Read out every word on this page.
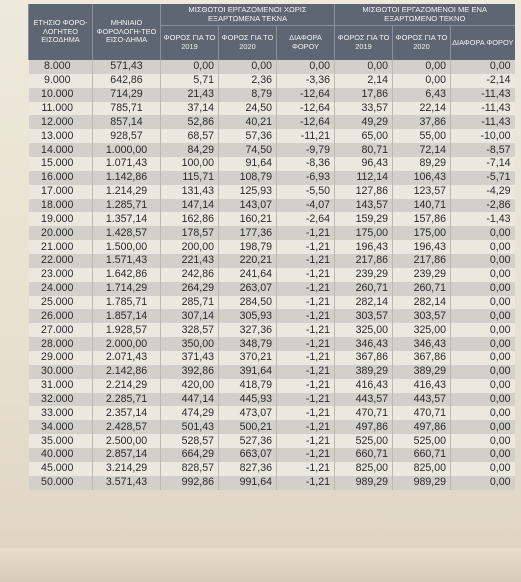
ΕΤΗΣΙΟ ΦΟΡΟ-ΛΟΓΗΤΕΟ ΕΙΣΟΔΗΜΑ	ΜΗΝΙΑΙΟ ΦΟΡΟΛΟΓΗ-ΤΕΟ ΕΙΣΟ-ΔΗΜΑ	ΜΙΣΘΩΤΟΙ ΕΡΓΑΖΟΜΕΝΟΙ ΧΩΡΙΣ ΕΞΑΡΤΩΜΕΝΑ ΤΕΚΝΑ			ΜΙΣΘΩΤΟΙ ΕΡΓΑΖΟΜΕΝΟΙ ΜΕ ΕΝΑ ΕΞΑΡΤΩΜΕΝΟ ΤΕΚΝΟ		
		ΦΟΡΟΣ ΓΙΑ ΤΟ 2019	ΦΟΡΟΣ ΓΙΑ ΤΟ 2020	ΔΙΑΦΟΡΑ ΦΟΡΟΥ	ΦΟΡΟΣ ΓΙΑ ΤΟ 2019	ΦΟΡΟΣ ΓΙΑ ΤΟ 2020	ΔΙΑΦΟΡΑ ΦΟΡΟΥ
8.000	571,43	0,00	0,00	0,00	0,00	0,00	0,00
9.000	642,86	5,71	2,36	-3,36	2,14	0,00	-2,14
10.000	714,29	21,43	8,79	-12,64	17,86	6,43	-11,43
11.000	785,71	37,14	24,50	-12,64	33,57	22,14	-11,43
12.000	857,14	52,86	40,21	-12,64	49,29	37,86	-11,43
13.000	928,57	68,57	57,36	-11,21	65,00	55,00	-10,00
14.000	1.000,00	84,29	74,50	-9,79	80,71	72,14	-8,57
15.000	1.071,43	100,00	91,64	-8,36	96,43	89,29	-7,14
16.000	1.142,86	115,71	108,79	-6,93	112,14	106,43	-5,71
17.000	1.214,29	131,43	125,93	-5,50	127,86	123,57	-4,29
18.000	1.285,71	147,14	143,07	-4,07	143,57	140,71	-2,86
19.000	1.357,14	162,86	160,21	-2,64	159,29	157,86	-1,43
20.000	1.428,57	178,57	177,36	-1,21	175,00	175,00	0,00
21.000	1.500,00	200,00	198,79	-1,21	196,43	196,43	0,00
22.000	1.571,43	221,43	220,21	-1,21	217,86	217,86	0,00
23.000	1.642,86	242,86	241,64	-1,21	239,29	239,29	0,00
24.000	1.714,29	264,29	263,07	-1,21	260,71	260,71	0,00
25.000	1.785,71	285,71	284,50	-1,21	282,14	282,14	0,00
26.000	1.857,14	307,14	305,93	-1,21	303,57	303,57	0,00
27.000	1.928,57	328,57	327,36	-1,21	325,00	325,00	0,00
28.000	2.000,00	350,00	348,79	-1,21	346,43	346,43	0,00
29.000	2.071,43	371,43	370,21	-1,21	367,86	367,86	0,00
30.000	2.142,86	392,86	391,64	-1,21	389,29	389,29	0,00
31.000	2.214,29	420,00	418,79	-1,21	416,43	416,43	0,00
32.000	2.285,71	447,14	445,93	-1,21	443,57	443,57	0,00
33.000	2.357,14	474,29	473,07	-1,21	470,71	470,71	0,00
34.000	2.428,57	501,43	500,21	-1,21	497,86	497,86	0,00
35.000	2.500,00	528,57	527,36	-1,21	525,00	525,00	0,00
40.000	2.857,14	664,29	663,07	-1,21	660,71	660,71	0,00
45.000	3.214,29	828,57	827,36	-1,21	825,00	825,00	0,00
50.000	3.571,43	992,86	991,64	-1,21	989,29	989,29	0,00
